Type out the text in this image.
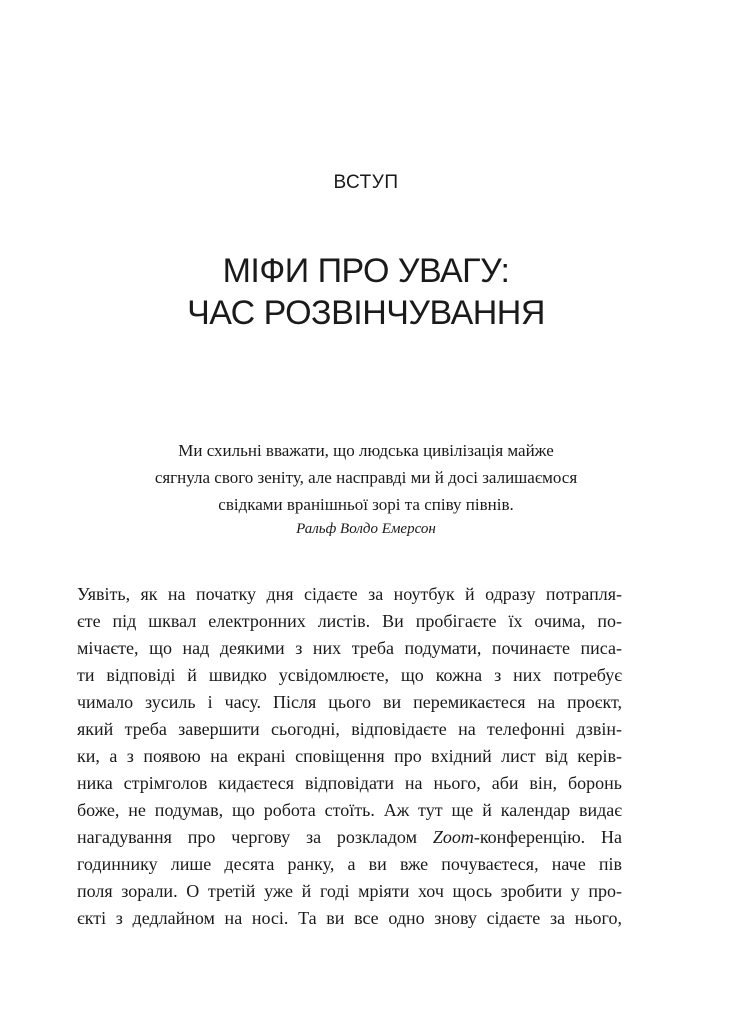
ВСТУП
МІФИ ПРО УВАГУ:
ЧАС РОЗВІНЧУВАННЯ
Ми схильні вважати, що людська цивілізація майже
сягнула свого зеніту, але насправді ми й досі залишаємося
свідками вранішньої зорі та співу півнів.
Ральф Волдо Емерсон
Уявіть, як на початку дня сідаєте за ноутбук й одразу потрапля-
єте під шквал електронних листів. Ви пробігаєте їх очима, по-
мічаєте, що над деякими з них треба подумати, починаєте писа-
ти відповіді й швидко усвідомлюєте, що кожна з них потребує
чимало зусиль і часу. Після цього ви перемикаєтеся на проєкт,
який треба завершити сьогодні, відповідаєте на телефонні дзвін-
ки, а з появою на екрані сповіщення про вхідний лист від керів-
ника стрімголов кидаєтеся відповідати на нього, аби він, боронь
боже, не подумав, що робота стоїть. Аж тут ще й календар видає
нагадування про чергову за розкладом Zoom-конференцію. На
годиннику лише десята ранку, а ви вже почуваєтеся, наче пів
поля зорали. О третій уже й годі мріяти хоч щось зробити у про-
єкті з дедлайном на носі. Та ви все одно знову сідаєте за нього,
